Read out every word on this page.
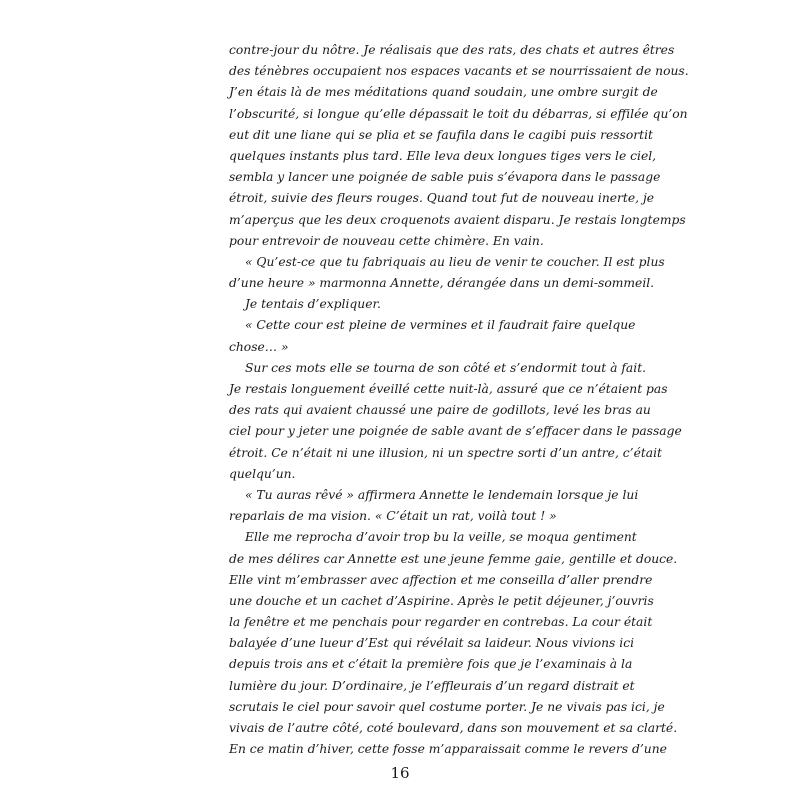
contre-jour du nôtre. Je réalisais que des rats, des chats et autres êtres
des ténèbres occupaient nos espaces vacants et se nourrissaient de nous.
J’en étais là de mes méditations quand soudain, une ombre surgit de
l’obscurité, si longue qu’elle dépassait le toit du débarras, si effilée qu’on
eut dit une liane qui se plia et se faufila dans le cagibi puis ressortit
quelques instants plus tard. Elle leva deux longues tiges vers le ciel,
sembla y lancer une poignée de sable puis s’évapora dans le passage
étroit, suivie des fleurs rouges. Quand tout fut de nouveau inerte, je
m’aperçus que les deux croquenots avaient disparu. Je restais longtemps
pour entrevoir de nouveau cette chimère. En vain.
« Qu’est-ce que tu fabriquais au lieu de venir te coucher. Il est plus
d’une heure » marmonna Annette, dérangée dans un demi-sommeil.
Je tentais d’expliquer.
« Cette cour est pleine de vermines et il faudrait faire quelque
chose… »
Sur ces mots elle se tourna de son côté et s’endormit tout à fait.
Je restais longuement éveillé cette nuit-là, assuré que ce n’étaient pas
des rats qui avaient chaussé une paire de godillots, levé les bras au
ciel pour y jeter une poignée de sable avant de s’effacer dans le passage
étroit. Ce n’était ni une illusion, ni un spectre sorti d’un antre, c’était
quelqu’un.
« Tu auras rêvé » affirmera Annette le lendemain lorsque je lui
reparlais de ma vision. « C’était un rat, voilà tout ! »
Elle me reprocha d’avoir trop bu la veille, se moqua gentiment
de mes délires car Annette est une jeune femme gaie, gentille et douce.
Elle vint m’embrasser avec affection et me conseilla d’aller prendre
une douche et un cachet d’Aspirine. Après le petit déjeuner, j’ouvris
la fenêtre et me penchais pour regarder en contrebas. La cour était
balayée d’une lueur d’Est qui révélait sa laideur. Nous vivions ici
depuis trois ans et c’était la première fois que je l’examinais à la
lumière du jour. D’ordinaire, je l’effleurais d’un regard distrait et
scrutais le ciel pour savoir quel costume porter. Je ne vivais pas ici, je
vivais de l’autre côté, coté boulevard, dans son mouvement et sa clarté.
En ce matin d’hiver, cette fosse m’apparaissait comme le revers d’une
16
